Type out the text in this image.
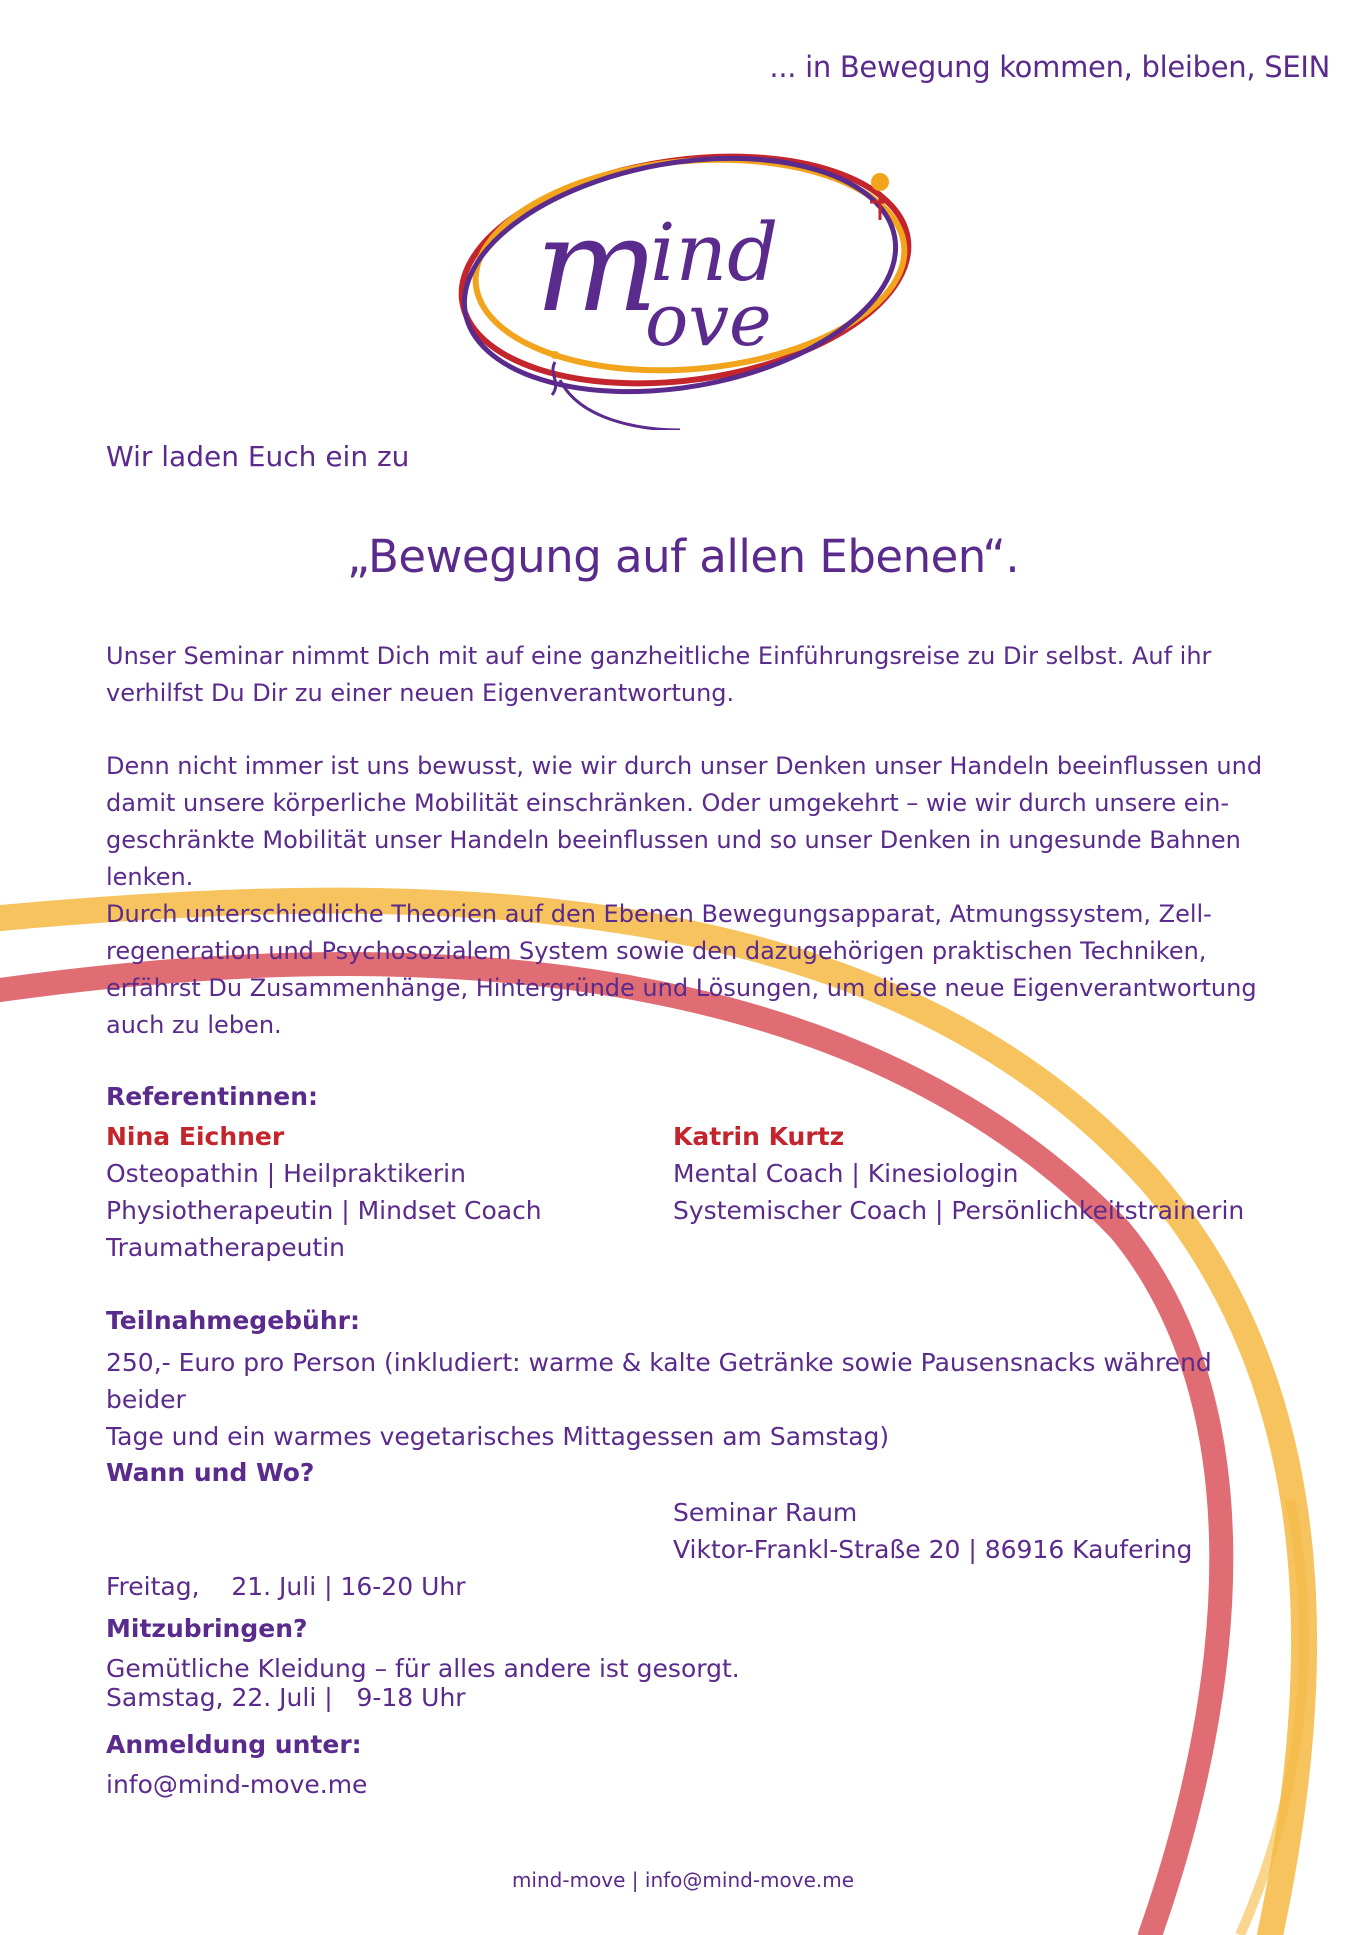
... in Bewegung kommen, bleiben, SEIN
m
ind
ove
Wir laden Euch ein zu
„Bewegung auf allen Ebenen“.
Unser Seminar nimmt Dich mit auf eine ganzheitliche Einführungsreise zu Dir selbst. Auf ihr
verhilfst Du Dir zu einer neuen Eigenverantwortung.
Denn nicht immer ist uns bewusst, wie wir durch unser Denken unser Handeln beeinflussen und
damit unsere körperliche Mobilität einschränken. Oder umgekehrt – wie wir durch unsere ein-
geschränkte Mobilität unser Handeln beeinflussen und so unser Denken in ungesunde Bahnen lenken.
Durch unterschiedliche Theorien auf den Ebenen Bewegungsapparat, Atmungssystem, Zell-
regeneration und Psychosozialem System sowie den dazugehörigen praktischen Techniken,
erfährst Du Zusammenhänge, Hintergründe und Lösungen, um diese neue Eigenverantwortung
auch zu leben.
Referentinnen:
Nina Eichner
Osteopathin | Heilpraktikerin
Physiotherapeutin | Mindset Coach
Traumatherapeutin
Katrin Kurtz
Mental Coach | Kinesiologin
Systemischer Coach | Persönlichkeitstrainerin
Teilnahmegebühr:
250,- Euro pro Person (inkludiert: warme & kalte Getränke sowie Pausensnacks während beider
Tage und ein warmes vegetarisches Mittagessen am Samstag)
Wann und Wo?

Freitag,    21. Juli | 16-20 Uhr

Samstag, 22. Juli |   9-18 Uhr

Seminar Raum
Viktor-Frankl-Straße 20 | 86916 Kaufering
Mitzubringen?
Gemütliche Kleidung – für alles andere ist gesorgt.
Anmeldung unter:
info@mind-move.me
mind-move | info@mind-move.me
